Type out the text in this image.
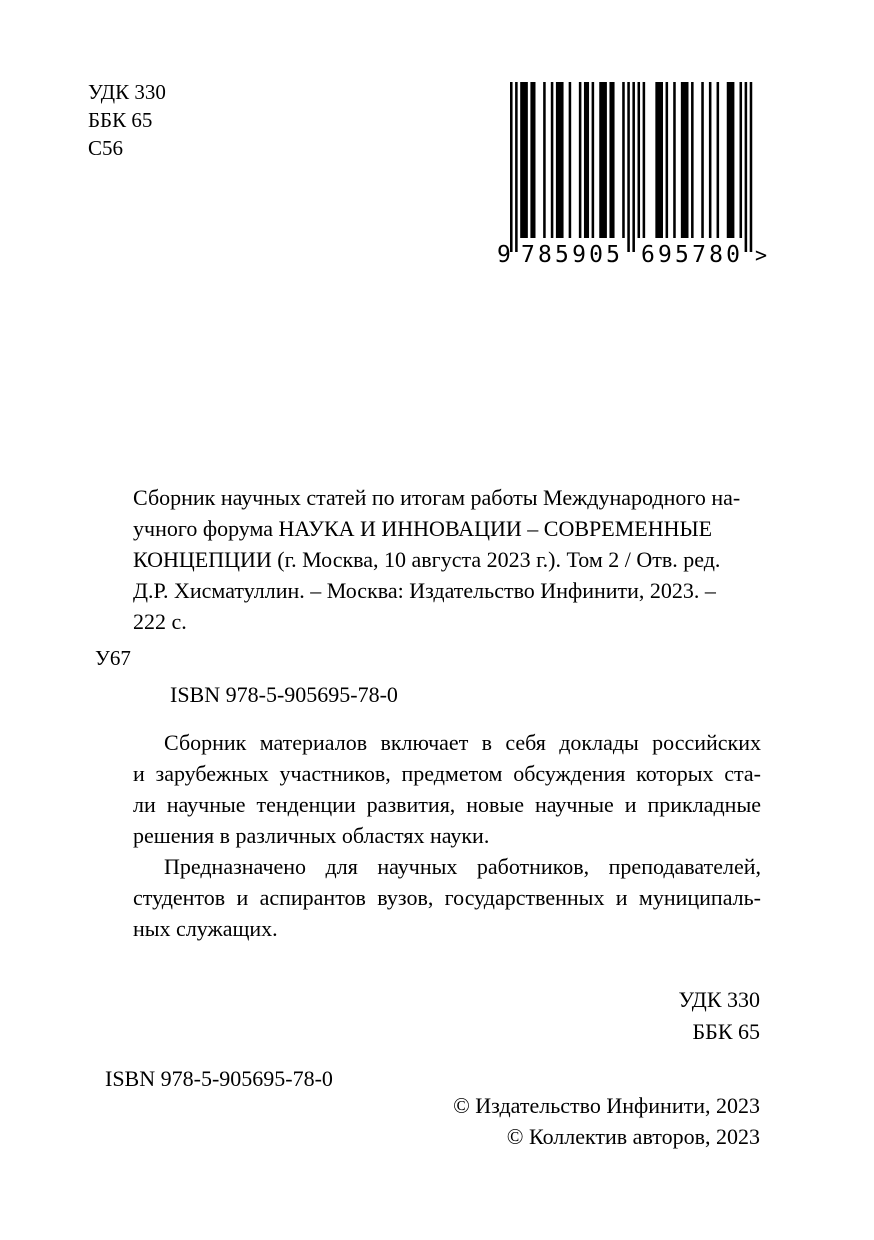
УДК 330
ББК 65
С56
9 785905 695780 >
Сборник научных статей по итогам работы Международного на-
учного форума НАУКА И ИННОВАЦИИ – СОВРЕМЕННЫЕ
КОНЦЕПЦИИ (г. Москва, 10 августа 2023 г.). Том 2 / Отв. ред.
Д.Р. Хисматуллин. – Москва: Издательство Инфинити, 2023. –
222 с.
У67
ISBN 978-5-905695-78-0
Сборник материалов включает в себя доклады российских
и зарубежных участников, предметом обсуждения которых ста-
ли научные тенденции развития, новые научные и прикладные
решения в различных областях науки.
Предназначено для научных работников, преподавателей,
студентов и аспирантов вузов, государственных и муниципаль-
ных служащих.
УДК 330
ББК 65
ISBN 978-5-905695-78-0
© Издательство Инфинити, 2023
© Коллектив авторов, 2023
